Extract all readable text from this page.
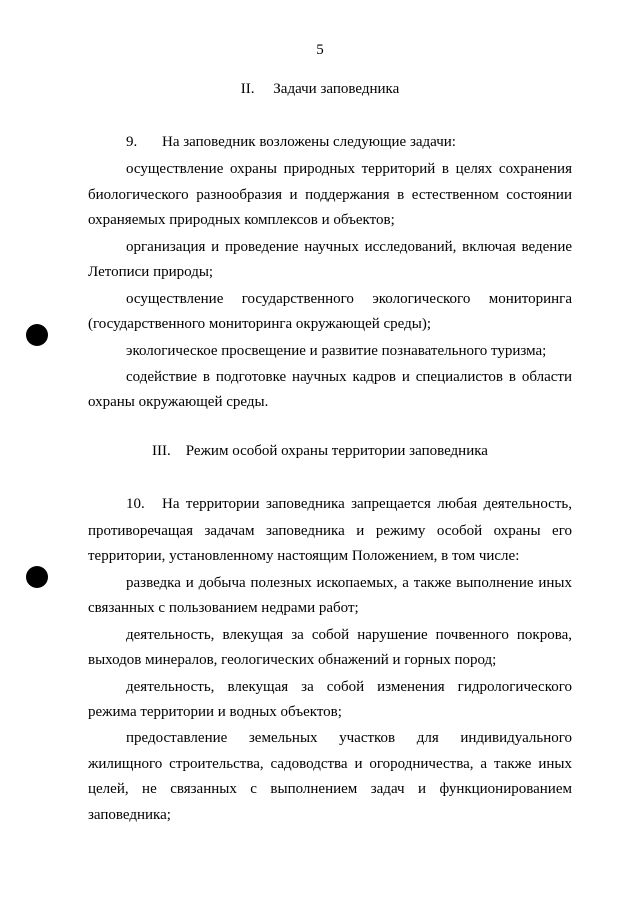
5
II. Задачи заповедника
9. На заповедник возложены следующие задачи:
осуществление охраны природных территорий в целях сохранения
биологического разнообразия и поддержания в естественном состоянии
охраняемых природных комплексов и объектов;
организация и проведение научных исследований, включая ведение
Летописи природы;
осуществление государственного экологического мониторинга
(государственного мониторинга окружающей среды);
экологическое просвещение и развитие познавательного туризма;
содействие в подготовке научных кадров и специалистов в области
охраны окружающей среды.
III. Режим особой охраны территории заповедника
10. На территории заповедника запрещается любая деятельность,
противоречащая задачам заповедника и режиму особой охраны его
территории, установленному настоящим Положением, в том числе:
разведка и добыча полезных ископаемых, а также выполнение иных
связанных с пользованием недрами работ;
деятельность, влекущая за собой нарушение почвенного покрова,
выходов минералов, геологических обнажений и горных пород;
деятельность, влекущая за собой изменения гидрологического
режима территории и водных объектов;
предоставление земельных участков для индивидуального
жилищного строительства, садоводства и огородничества, а также иных
целей, не связанных с выполнением задач и функционированием
заповедника;
